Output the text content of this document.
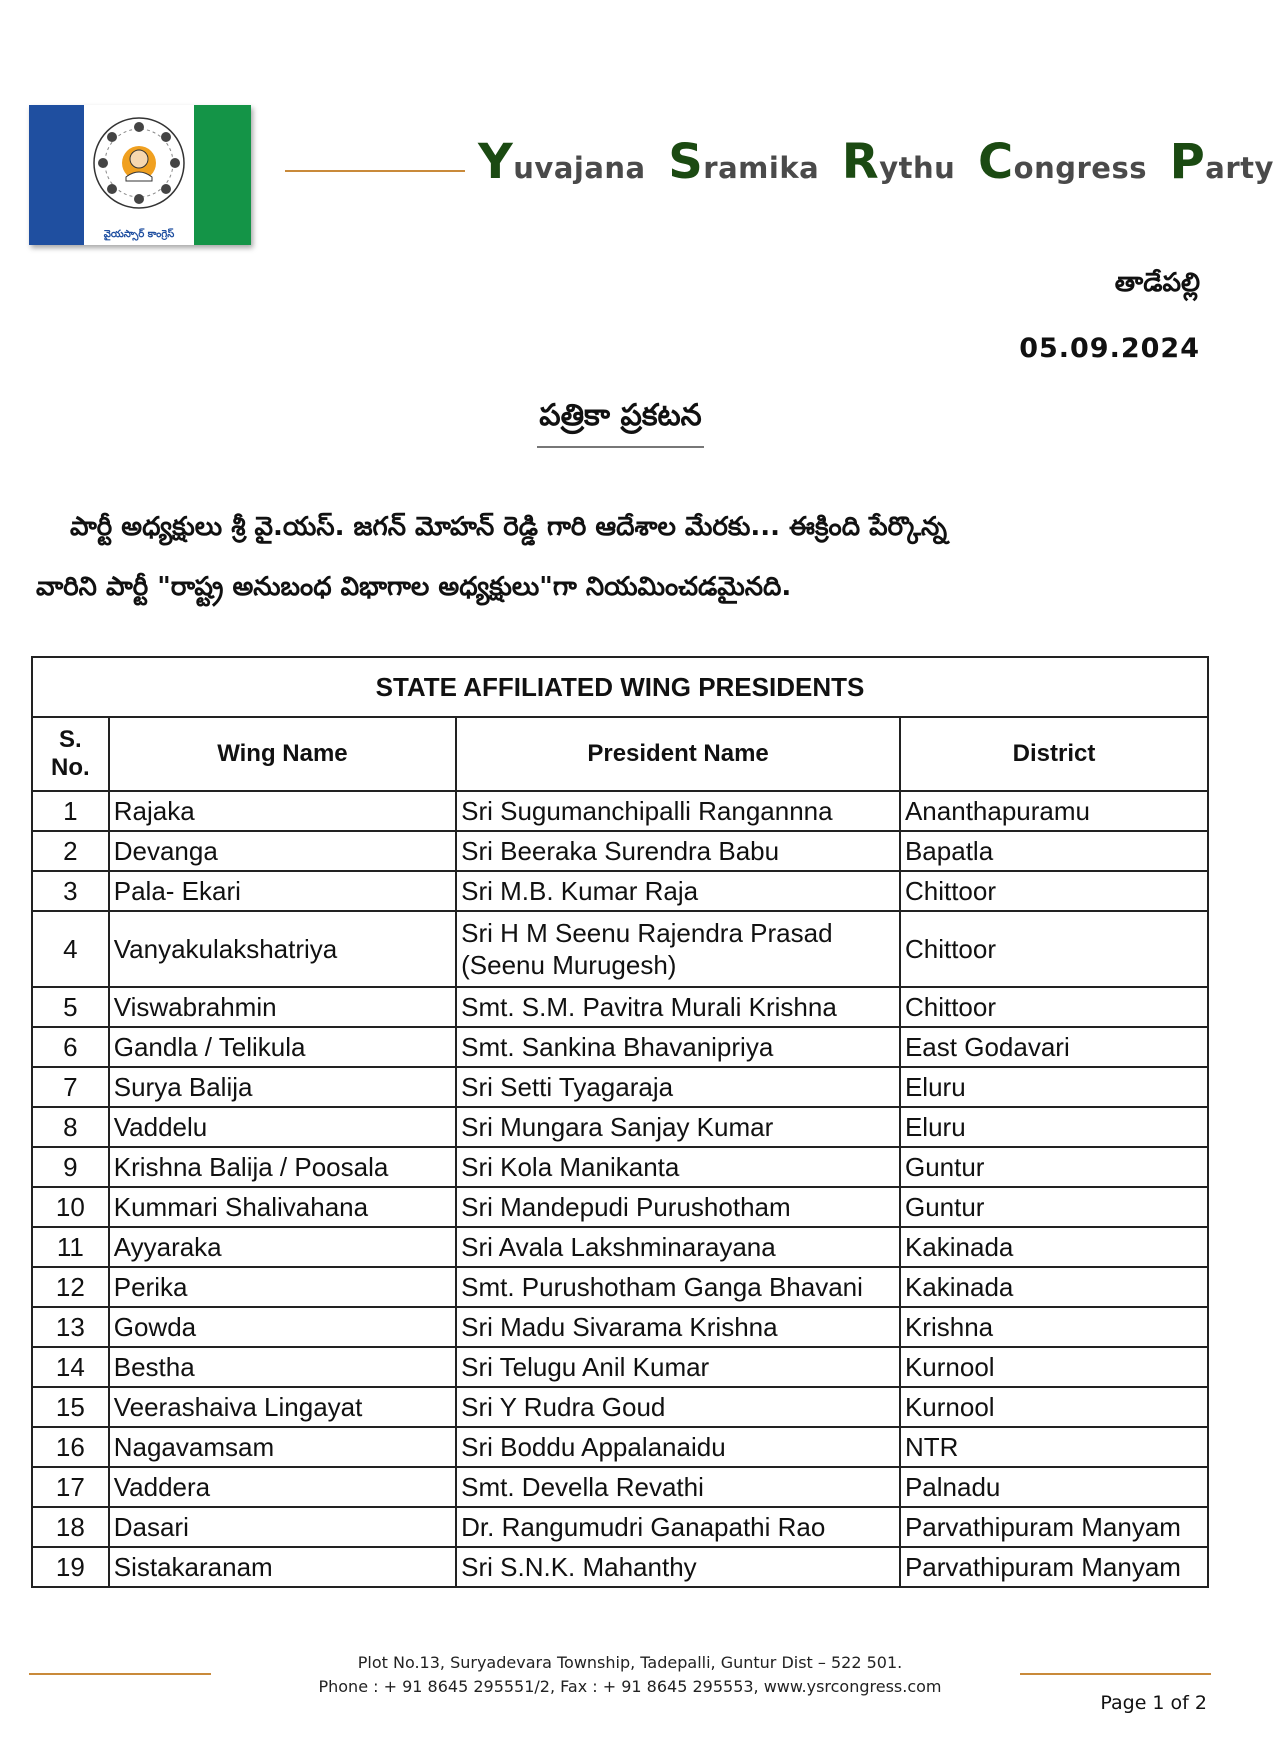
వైయస్సార్ కాంగ్రెస్
Yuvajana Sramika Rythu Congress Party
తాడేపల్లి
05.09.2024
పత్రికా ప్రకటన
పార్టీ అధ్యక్షులు శ్రీ వై.యస్. జగన్ మోహన్ రెడ్డి గారి ఆదేశాల మేరకు... ఈక్రింది పేర్కొన్న
వారిని పార్టీ "రాష్ట్ర అనుబంధ విభాగాల అధ్యక్షులు"గా నియమించడమైనది.
STATE AFFILIATED WING PRESIDENTS			
S. No.	Wing Name	President Name	District
1	Rajaka	Sri Sugumanchipalli Rangannna	Ananthapuramu
2	Devanga	Sri Beeraka Surendra Babu	Bapatla
3	Pala- Ekari	Sri M.B. Kumar Raja	Chittoor
4	Vanyakulakshatriya	Sri H M Seenu Rajendra Prasad (Seenu Murugesh)	Chittoor
5	Viswabrahmin	Smt. S.M. Pavitra Murali Krishna	Chittoor
6	Gandla / Telikula	Smt. Sankina Bhavanipriya	East Godavari
7	Surya Balija	Sri Setti Tyagaraja	Eluru
8	Vaddelu	Sri Mungara Sanjay Kumar	Eluru
9	Krishna Balija / Poosala	Sri Kola Manikanta	Guntur
10	Kummari Shalivahana	Sri Mandepudi Purushotham	Guntur
11	Ayyaraka	Sri Avala Lakshminarayana	Kakinada
12	Perika	Smt. Purushotham Ganga Bhavani	Kakinada
13	Gowda	Sri Madu Sivarama Krishna	Krishna
14	Bestha	Sri Telugu Anil Kumar	Kurnool
15	Veerashaiva Lingayat	Sri Y Rudra Goud	Kurnool
16	Nagavamsam	Sri Boddu Appalanaidu	NTR
17	Vaddera	Smt. Devella Revathi	Palnadu
18	Dasari	Dr. Rangumudri Ganapathi Rao	Parvathipuram Manyam
19	Sistakaranam	Sri S.N.K. Mahanthy	Parvathipuram Manyam
Plot No.13, Suryadevara Township, Tadepalli, Guntur Dist – 522 501.
Phone : + 91 8645 295551/2, Fax : + 91 8645 295553, www.ysrcongress.com
Page 1 of 2
